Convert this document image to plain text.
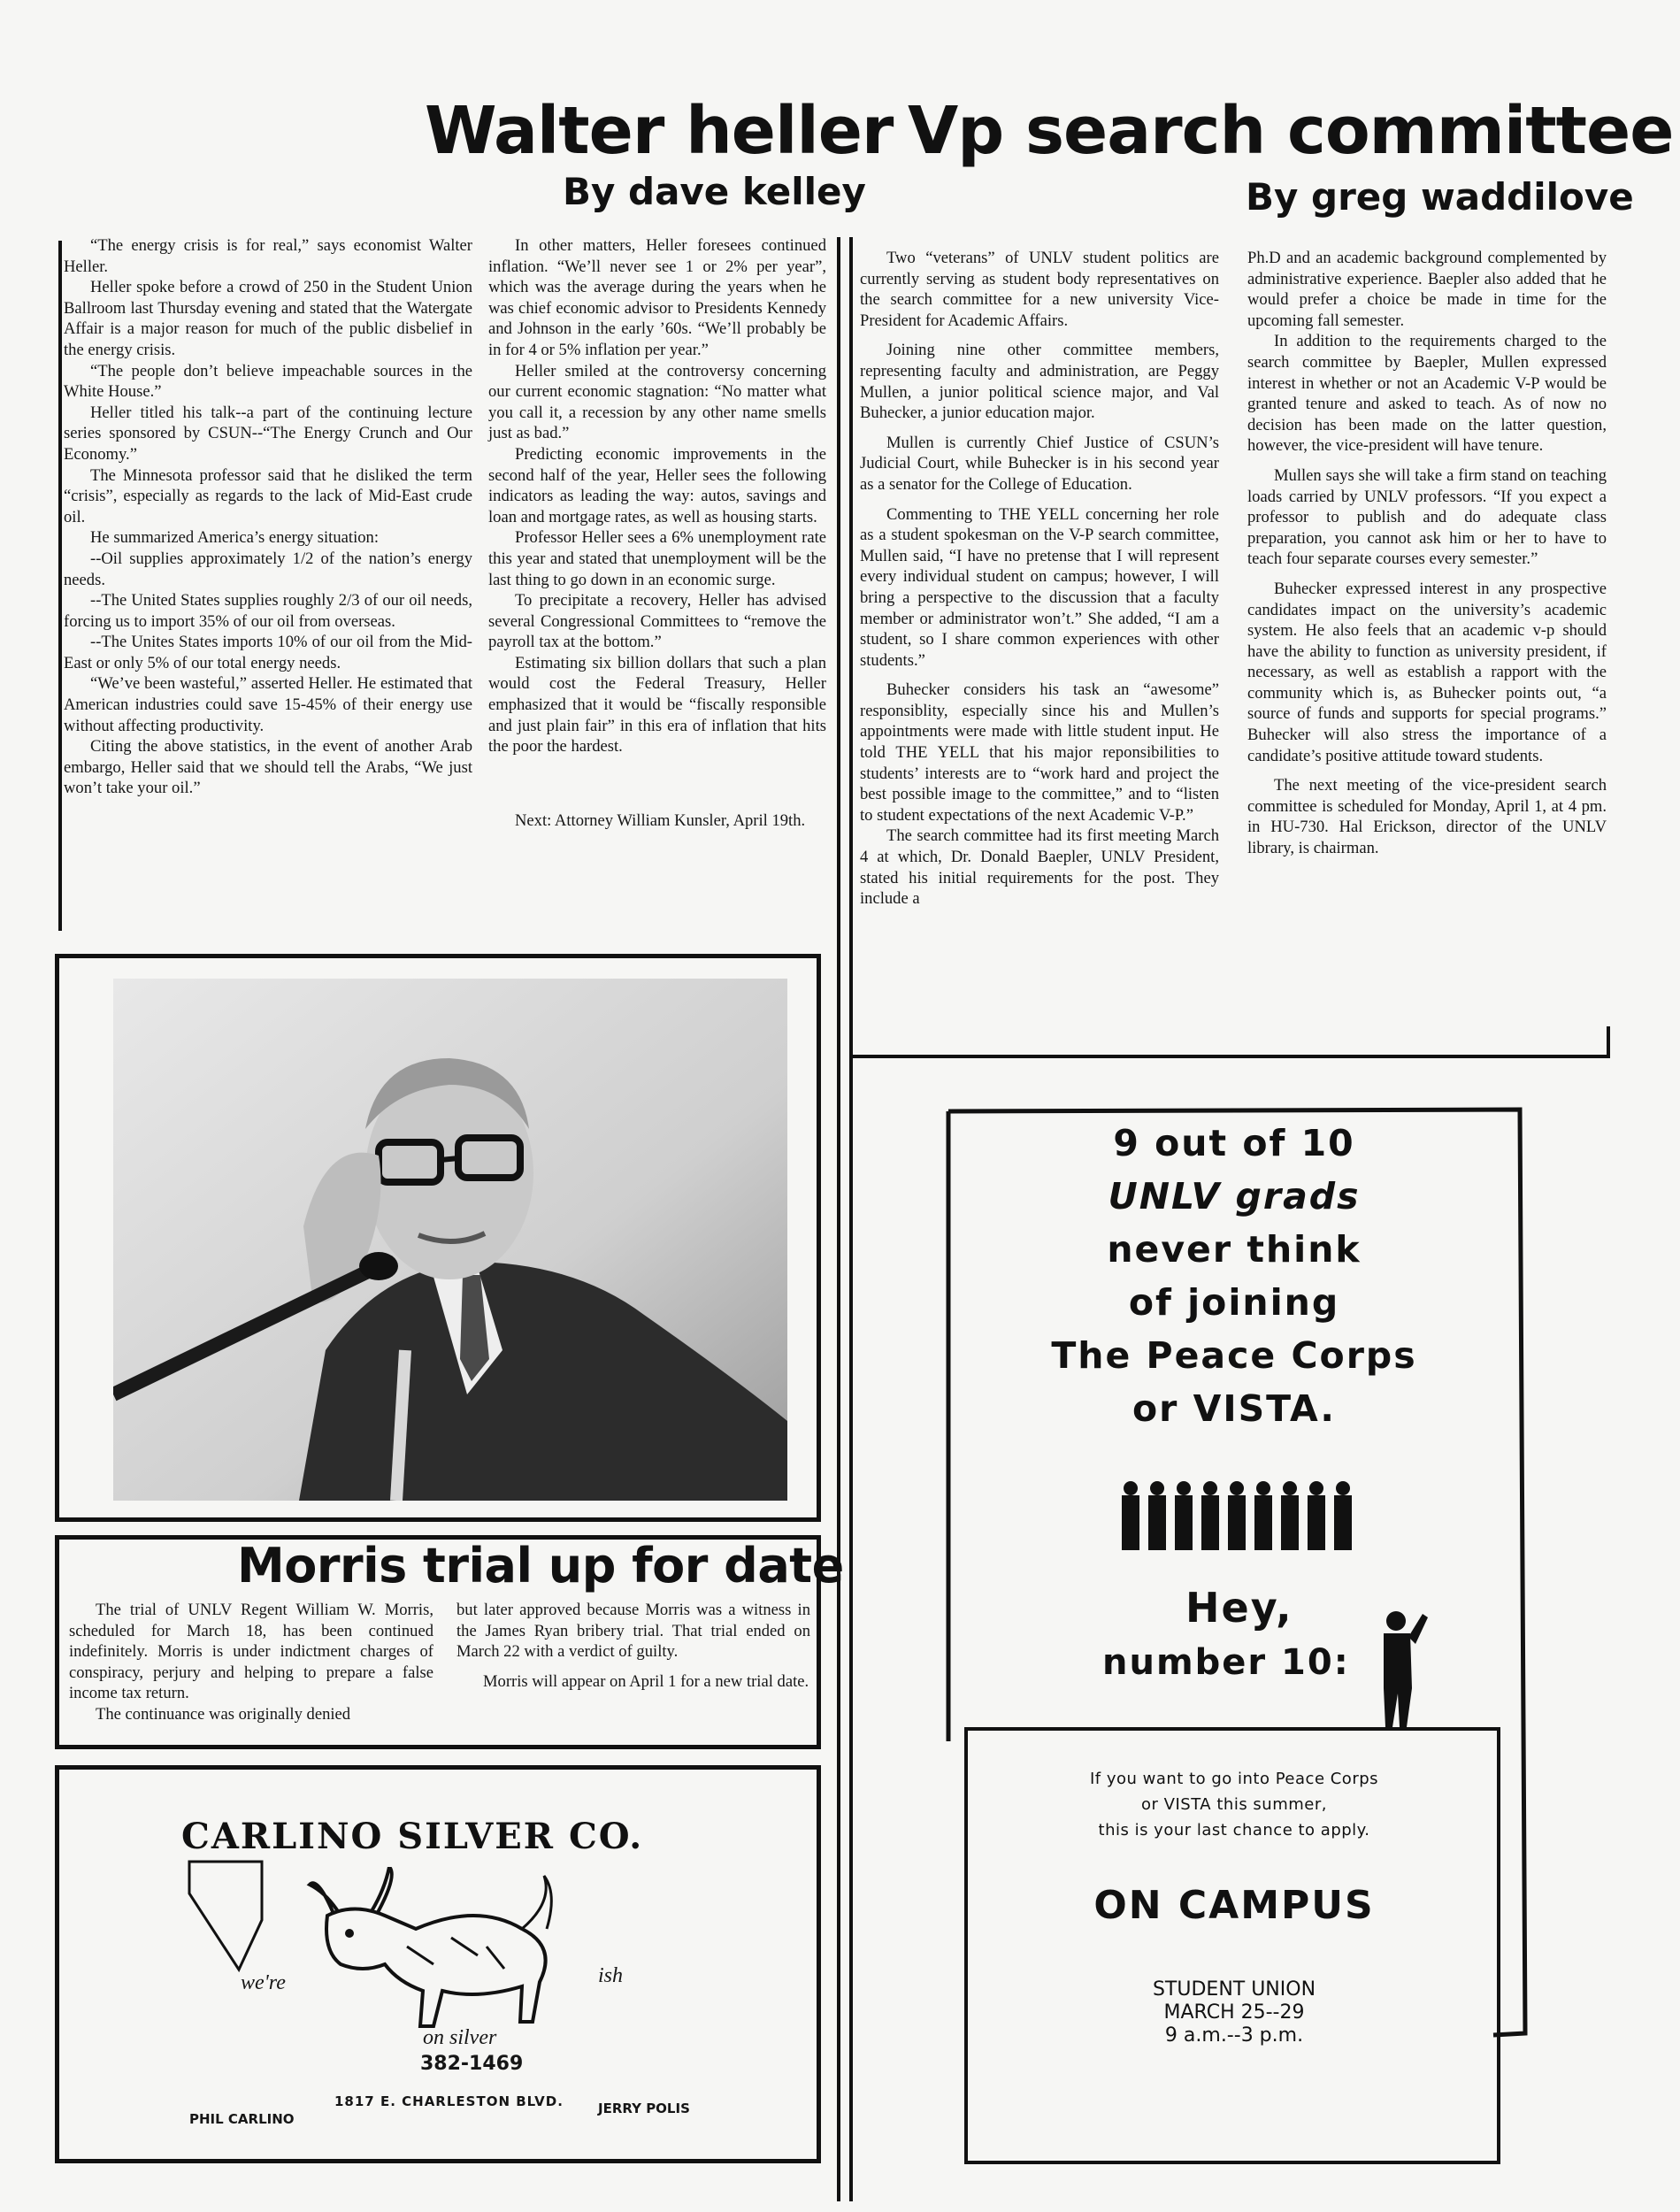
Walter heller
By dave kelley
Vp search committee
By greg waddilove

“The energy crisis is for real,” says economist Walter Heller.

Heller spoke before a crowd of 250 in the Student Union Ballroom last Thursday evening and stated that the Watergate Affair is a major reason for much of the public disbelief in the energy crisis.

“The people don’t believe impeachable sources in the White House.”

Heller titled his talk--a part of the continuing lecture series sponsored by CSUN--“The Energy Crunch and Our Economy.”

The Minnesota professor said that he disliked the term “crisis”, especially as regards to the lack of Mid-East crude oil.

He summarized America’s energy situation:

--Oil supplies approximately 1/2 of the nation’s energy needs.

--The United States supplies roughly 2/3 of our oil needs, forcing us to import 35% of our oil from overseas.

--The Unites States imports 10% of our oil from the Mid-East or only 5% of our total energy needs.

“We’ve been wasteful,” asserted Heller. He estimated that American industries could save 15-45% of their energy use without affecting productivity.

Citing the above statistics, in the event of another Arab embargo, Heller said that we should tell the Arabs, “We just won’t take your oil.”

In other matters, Heller foresees continued inflation. “We’ll never see 1 or 2% per year”, which was the average during the years when he was chief economic advisor to Presidents Kennedy and Johnson in the early ’60s. “We’ll probably be in for 4 or 5% inflation per year.”

Heller smiled at the controversy concerning our current economic stagnation: “No matter what you call it, a recession by any other name smells just as bad.”

Predicting economic improvements in the second half of the year, Heller sees the following indicators as leading the way: autos, savings and loan and mortgage rates, as well as housing starts.

Professor Heller sees a 6% unemployment rate this year and stated that unemployment will be the last thing to go down in an economic surge.

To precipitate a recovery, Heller has advised several Congressional Committees to “remove the payroll tax at the bottom.”

Estimating six billion dollars that such a plan would cost the Federal Treasury, Heller emphasized that it would be “fiscally responsible and just plain fair” in this era of inflation that hits the poor the hardest.

Next: Attorney William Kunsler, April 19th.

Two “veterans” of UNLV student politics are currently serving as student body representatives on the search committee for a new university Vice-President for Academic Affairs.

Joining nine other committee members, representing faculty and administration, are Peggy Mullen, a junior political science major, and Val Buhecker, a junior education major.

Mullen is currently Chief Justice of CSUN’s Judicial Court, while Buhecker is in his second year as a senator for the College of Education.

Commenting to THE YELL concerning her role as a student spokesman on the V-P search committee, Mullen said, “I have no pretense that I will represent every individual student on campus; however, I will bring a perspective to the discussion that a faculty member or administrator won’t.” She added, “I am a student, so I share common experiences with other students.”

Buhecker considers his task an “awesome” responsiblity, especially since his and Mullen’s appointments were made with little student input. He told THE YELL that his major reponsibilities to students’ interests are to “work hard and project the best possible image to the committee,” and to “listen to student expectations of the next Academic V-P.”

The search committee had its first meeting March 4 at which, Dr. Donald Baepler, UNLV President, stated his initial requirements for the post. They include a

Ph.D and an academic background complemented by administrative experience. Baepler also added that he would prefer a choice be made in time for the upcoming fall semester.

In addition to the requirements charged to the search committee by Baepler, Mullen expressed interest in whether or not an Academic V-P would be granted tenure and asked to teach. As of now no decision has been made on the latter question, however, the vice-president will have tenure.

Mullen says she will take a firm stand on teaching loads carried by UNLV professors. “If you expect a professor to publish and do adequate class preparation, you cannot ask him or her to have to teach four separate courses every semester.”

Buhecker expressed interest in any prospective candidates impact on the university’s academic system. He also feels that an academic v-p should have the ability to function as university president, if necessary, as well as establish a rapport with the community which is, as Buhecker points out, “a source of funds and supports for special programs.” Buhecker will also stress the importance of a candidate’s positive attitude toward students.

The next meeting of the vice-president search committee is scheduled for Monday, April 1, at 4 pm. in HU-730. Hal Erickson, director of the UNLV library, is chairman.

Morris trial up for date

The trial of UNLV Regent William W. Morris, scheduled for March 18, has been continued indefinitely. Morris is under indictment charges of conspiracy, perjury and helping to prepare a false income tax return.

The continuance was originally denied

but later approved because Morris was a witness in the James Ryan bribery trial. That trial ended on March 22 with a verdict of guilty.

Morris will appear on April 1 for a new trial date.

CARLINO SILVER CO.
we're	ish
on silver
382-1469
1817 E. CHARLESTON BLVD.
PHIL CARLINO
JERRY POLIS
9 out of 10
UNLV grads
never think
of joining
The Peace Corps
or VISTA.
Hey,
number 10:
If you want to go into Peace Corps
or VISTA this summer,
this is your last chance to apply.
ON CAMPUS
STUDENT UNION
MARCH 25--29
9 a.m.--3 p.m.
